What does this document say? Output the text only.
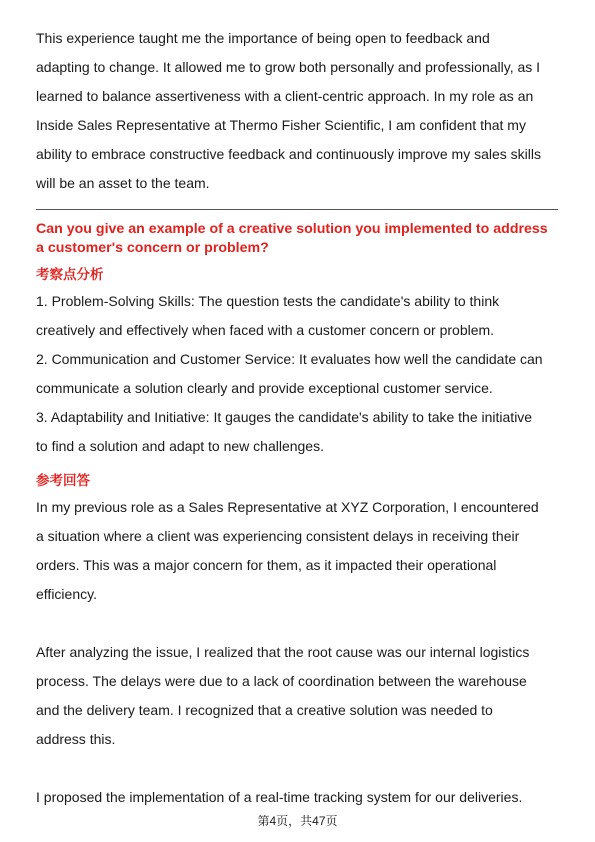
This experience taught me the importance of being open to feedback and

adapting to change. It allowed me to grow both personally and professionally, as I

learned to balance assertiveness with a client-centric approach. In my role as an

Inside Sales Representative at Thermo Fisher Scientific, I am confident that my

ability to embrace constructive feedback and continuously improve my sales skills

will be an asset to the team.

Can you give an example of a creative solution you implemented to address
a customer's concern or problem?
考察点分析

1. Problem-Solving Skills: The question tests the candidate's ability to think

creatively and effectively when faced with a customer concern or problem.

2. Communication and Customer Service: It evaluates how well the candidate can

communicate a solution clearly and provide exceptional customer service.

3. Adaptability and Initiative: It gauges the candidate's ability to take the initiative

to find a solution and adapt to new challenges.

参考回答

In my previous role as a Sales Representative at XYZ Corporation, I encountered

a situation where a client was experiencing consistent delays in receiving their

orders. This was a major concern for them, as it impacted their operational

efficiency.

After analyzing the issue, I realized that the root cause was our internal logistics

process. The delays were due to a lack of coordination between the warehouse

and the delivery team. I recognized that a creative solution was needed to

address this.

I proposed the implementation of a real-time tracking system for our deliveries.

第4页，共47页
